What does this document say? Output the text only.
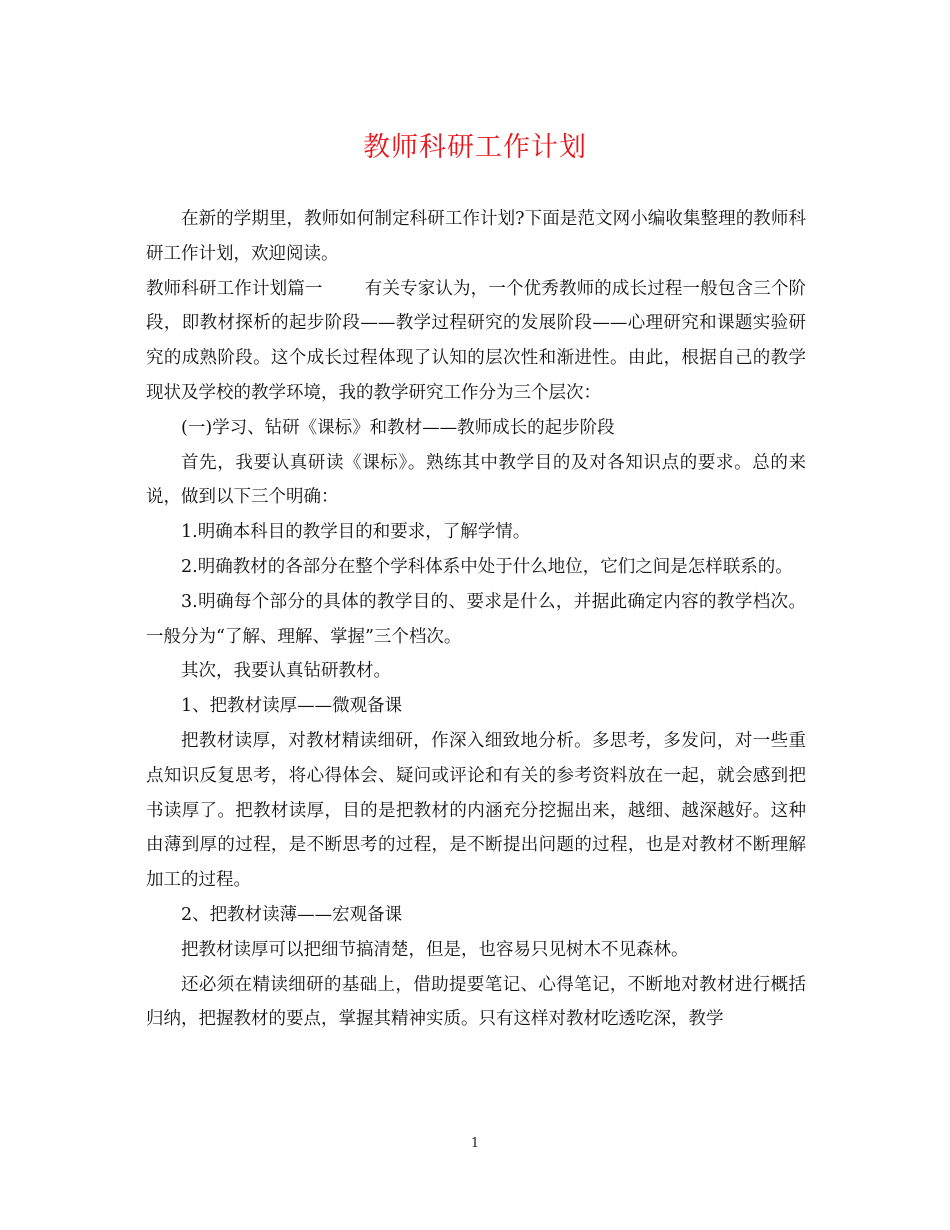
教师科研工作计划

在新的学期里，教师如何制定科研工作计划?下面是范文网小编收集整理的教师科研工作计划，欢迎阅读。

教师科研工作计划篇一 有关专家认为，一个优秀教师的成长过程一般包含三个阶段，即教材探析的起步阶段——教学过程研究的发展阶段——心理研究和课题实验研究的成熟阶段。这个成长过程体现了认知的层次性和渐进性。由此，根据自己的教学现状及学校的教学环境，我的教学研究工作分为三个层次：

(一)学习、钻研《课标》和教材——教师成长的起步阶段

首先，我要认真研读《课标》。熟练其中教学目的及对各知识点的要求。总的来说，做到以下三个明确：

1.明确本科目的教学目的和要求，了解学情。

2.明确教材的各部分在整个学科体系中处于什么地位，它们之间是怎样联系的。

3.明确每个部分的具体的教学目的、要求是什么，并据此确定内容的教学档次。一般分为“了解、理解、掌握”三个档次。

其次，我要认真钻研教材。

1、把教材读厚——微观备课

把教材读厚，对教材精读细研，作深入细致地分析。多思考，多发问，对一些重点知识反复思考，将心得体会、疑问或评论和有关的参考资料放在一起，就会感到把书读厚了。把教材读厚，目的是把教材的内涵充分挖掘出来，越细、越深越好。这种由薄到厚的过程，是不断思考的过程，是不断提出问题的过程，也是对教材不断理解加工的过程。

2、把教材读薄——宏观备课

把教材读厚可以把细节搞清楚，但是，也容易只见树木不见森林。

还必须在精读细研的基础上，借助提要笔记、心得笔记，不断地对教材进行概括归纳，把握教材的要点，掌握其精神实质。只有这样对教材吃透吃深，教学

1
